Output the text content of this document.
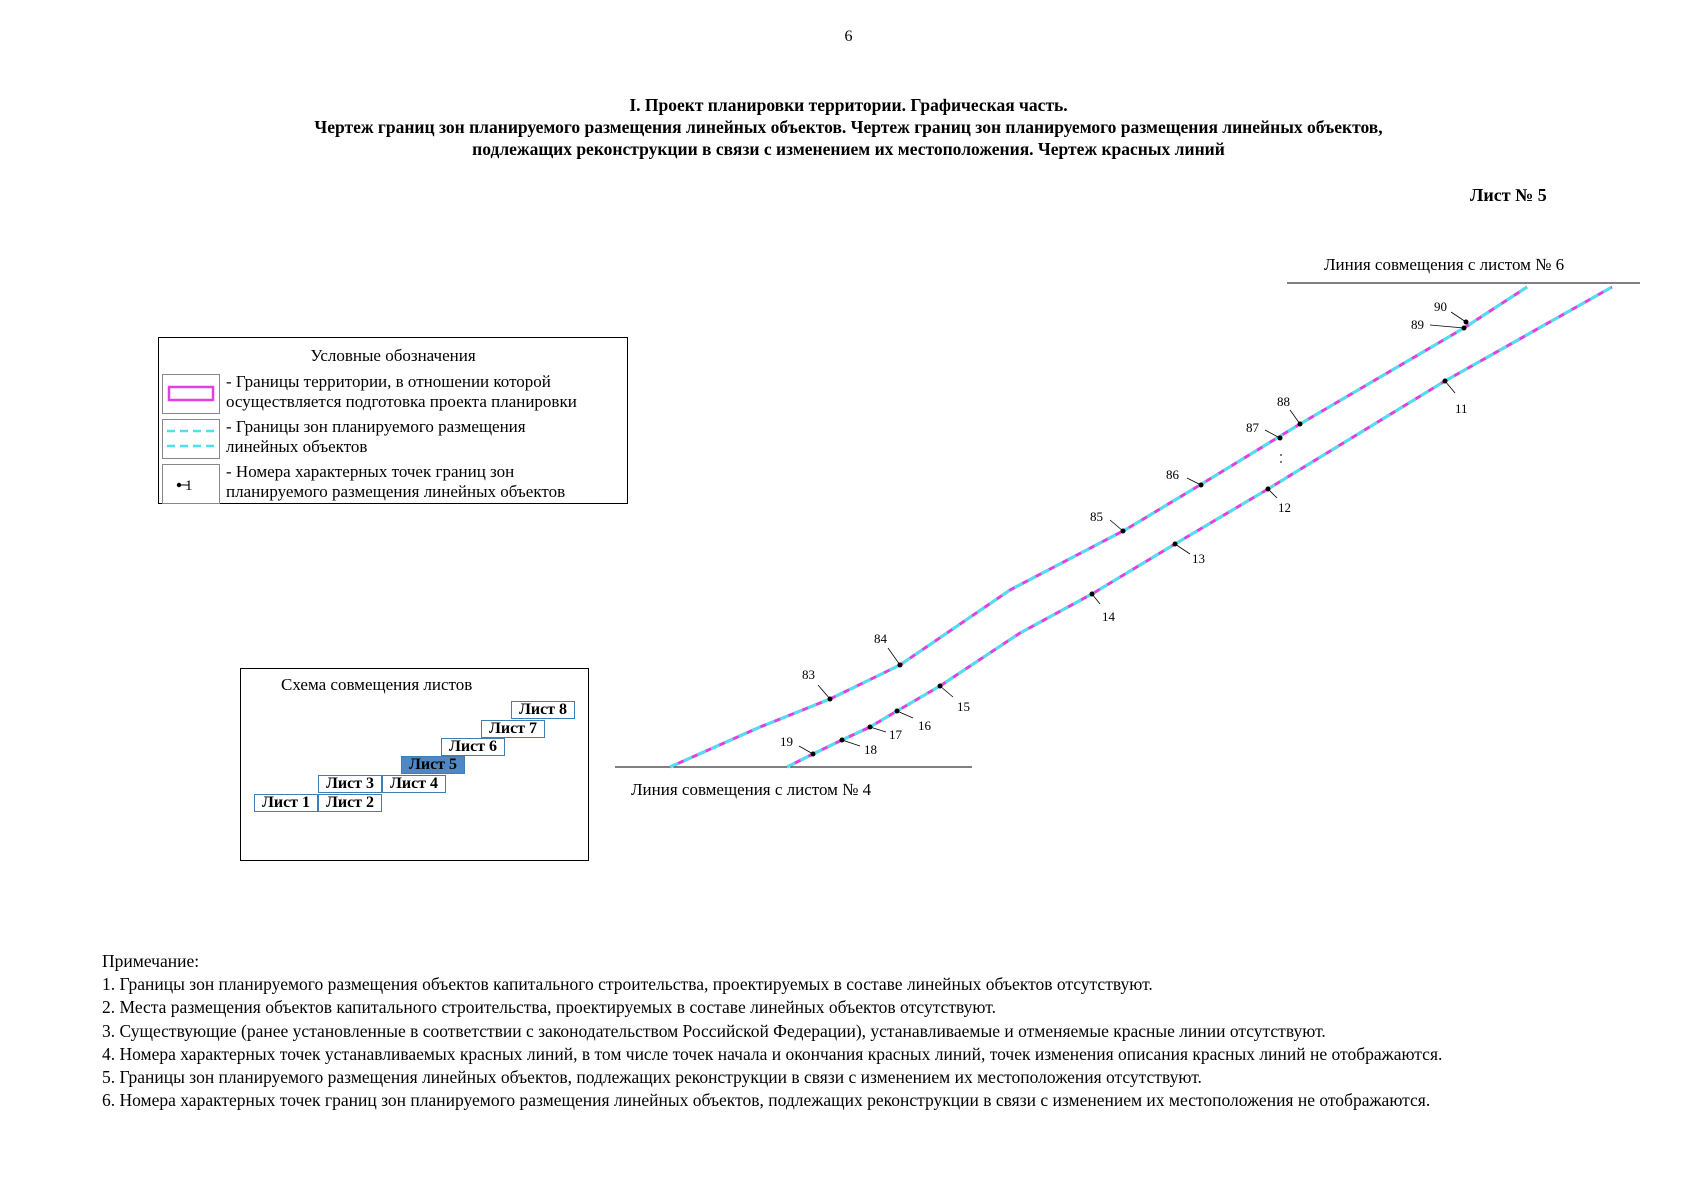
6
I. Проект планировки территории. Графическая часть.
Чертеж границ зон планируемого размещения линейных объектов. Чертеж границ зон планируемого размещения линейных объектов,
подлежащих реконструкции в связи с изменением их местоположения. Чертеж красных линий
Лист № 5
83
84
85
86
87
88
89
90
19
18
17
16
15
14
13
12
11
Линия совмещения с листом № 6
Линия совмещения с листом № 4
Условные обозначения
- Границы территории, в отношении которой
осуществляется подготовка проекта планировки
- Границы зон планируемого размещения
линейных объектов
1
- Номера характерных точек границ зон
планируемого размещения линейных объектов
Схема совмещения листов
Лист 1 Лист 2
Лист 3 Лист 4
Лист 5
Лист 6
Лист 7
Лист 8
Примечание:
1. Границы зон планируемого размещения объектов капитального строительства, проектируемых в составе линейных объектов отсутствуют.
2. Места размещения объектов капитального строительства, проектируемых в составе линейных объектов отсутствуют.
3. Существующие (ранее установленные в соответствии с законодательством Российской Федерации), устанавливаемые и отменяемые красные линии отсутствуют.
4. Номера характерных точек устанавливаемых красных линий, в том числе точек начала и окончания красных линий, точек изменения описания красных линий не отображаются.
5. Границы зон планируемого размещения линейных объектов, подлежащих реконструкции в связи с изменением их местоположения отсутствуют.
6. Номера характерных точек границ зон планируемого размещения линейных объектов, подлежащих реконструкции в связи с изменением их местоположения не отображаются.
